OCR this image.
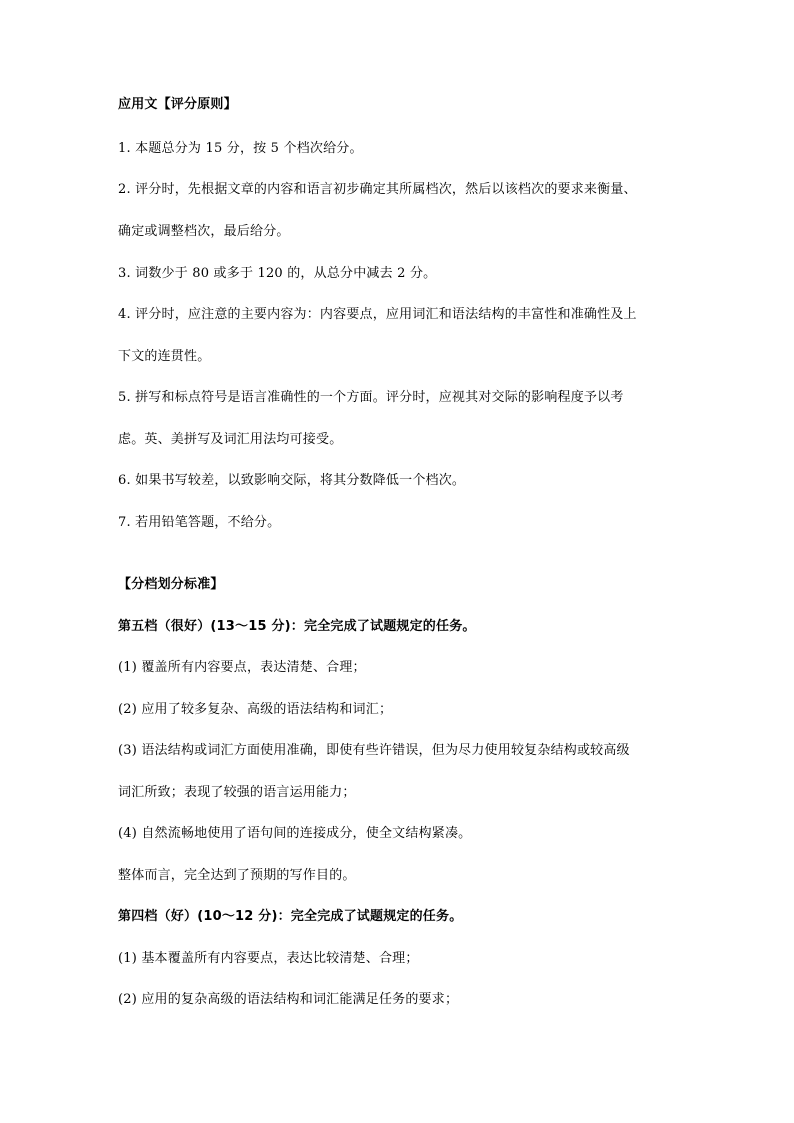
应用文【评分原则】
1. 本题总分为 15 分，按 5 个档次给分。
2. 评分时，先根据文章的内容和语言初步确定其所属档次，然后以该档次的要求来衡量、
确定或调整档次，最后给分。
3. 词数少于 80 或多于 120 的，从总分中减去 2 分。
4. 评分时，应注意的主要内容为：内容要点，应用词汇和语法结构的丰富性和准确性及上
下文的连贯性。
5. 拼写和标点符号是语言准确性的一个方面。评分时，应视其对交际的影响程度予以考
虑。英、美拼写及词汇用法均可接受。
6. 如果书写较差，以致影响交际，将其分数降低一个档次。
7. 若用铅笔答题，不给分。
【分档划分标准】
第五档（很好）(13～15 分)：完全完成了试题规定的任务。
(1) 覆盖所有内容要点，表达清楚、合理；
(2) 应用了较多复杂、高级的语法结构和词汇；
(3) 语法结构或词汇方面使用准确，即使有些许错误，但为尽力使用较复杂结构或较高级
词汇所致；表现了较强的语言运用能力；
(4) 自然流畅地使用了语句间的连接成分，使全文结构紧凑。
整体而言，完全达到了预期的写作目的。
第四档（好）(10～12 分)：完全完成了试题规定的任务。
(1) 基本覆盖所有内容要点，表达比较清楚、合理；
(2) 应用的复杂高级的语法结构和词汇能满足任务的要求；
